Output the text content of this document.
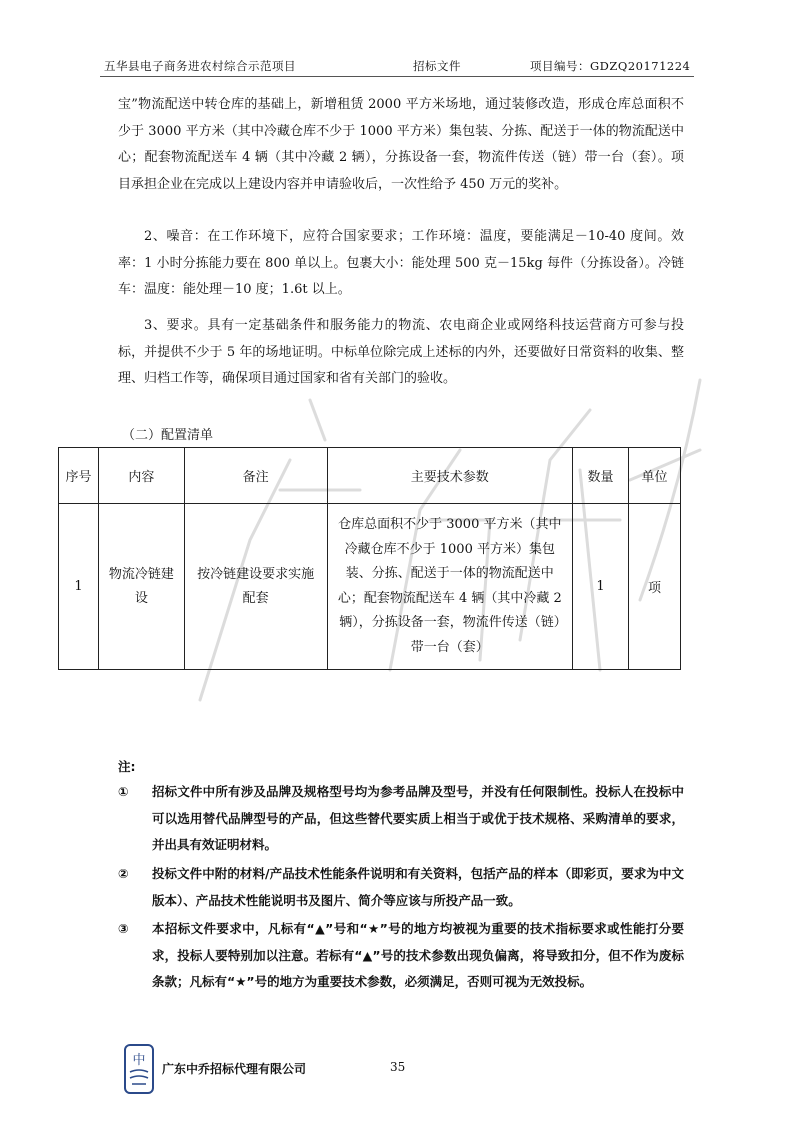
五华县电子商务进农村综合示范项目	招标文件	项目编号：GDZQ20171224
宝”物流配送中转仓库的基础上，新增租赁 2000 平方米场地，通过装修改造，形成仓库总面积不少于 3000 平方米（其中冷藏仓库不少于 1000 平方米）集包装、分拣、配送于一体的物流配送中心；配套物流配送车 4 辆（其中冷藏 2 辆），分拣设备一套，物流件传送（链）带一台（套）。项目承担企业在完成以上建设内容并申请验收后，一次性给予 450 万元的奖补。
2、噪音：在工作环境下，应符合国家要求；工作环境：温度，要能满足－10-40 度间。效率：1 小时分拣能力要在 800 单以上。包裹大小：能处理 500 克－15kg 每件（分拣设备）。冷链车：温度：能处理－10 度；1.6t 以上。
3、要求。具有一定基础条件和服务能力的物流、农电商企业或网络科技运营商方可参与投标，并提供不少于 5 年的场地证明。中标单位除完成上述标的内外，还要做好日常资料的收集、整理、归档工作等，确保项目通过国家和省有关部门的验收。
（二）配置清单
序号	内容	备注	主要技术参数	数量	单位
1	物流冷链建设	按冷链建设要求实施配套	仓库总面积不少于 3000 平方米（其中冷藏仓库不少于 1000 平方米）集包装、分拣、配送于一体的物流配送中心；配套物流配送车 4 辆（其中冷藏 2 辆），分拣设备一套，物流件传送（链）带一台（套）	1	项
注:
① 招标文件中所有涉及品牌及规格型号均为参考品牌及型号，并没有任何限制性。投标人在投标中可以选用替代品牌型号的产品，但这些替代要实质上相当于或优于技术规格、采购清单的要求，并出具有效证明材料。
② 投标文件中附的材料/产品技术性能条件说明和有关资料，包括产品的样本（即彩页，要求为中文版本）、产品技术性能说明书及图片、简介等应该与所投产品一致。
③ 本招标文件要求中，凡标有“▲”号和“★”号的地方均被视为重要的技术指标要求或性能打分要求，投标人要特别加以注意。若标有“▲”号的技术参数出现负偏离，将导致扣分，但不作为废标条款；凡标有“★”号的地方为重要技术参数，必须满足，否则可视为无效投标。
中
广东中乔招标代理有限公司	35
